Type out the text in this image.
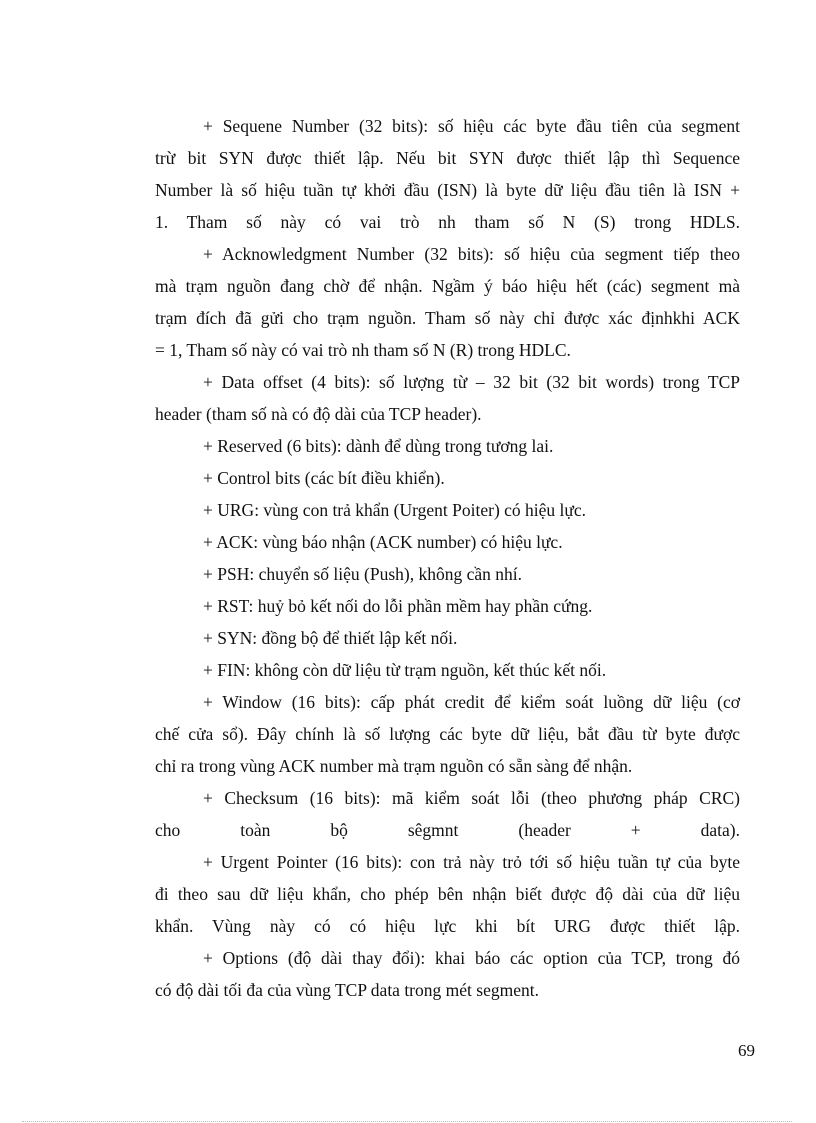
+ Sequene Number (32 bits): số hiệu các byte đầu tiên của segment
trừ bit SYN được thiết lập. Nếu bit SYN được thiết lập thì Sequence
Number là số hiệu tuần tự khởi đầu (ISN) là byte dữ liệu đầu tiên là ISN +
1. Tham số này có vai trò nh tham số N (S) trong HDLS.
+ Acknowledgment Number (32 bits): số hiệu của segment tiếp theo
mà trạm nguồn đang chờ để nhận. Ngầm ý báo hiệu hết (các) segment mà
trạm đích đã gửi cho trạm nguồn. Tham số này chỉ được xác địnhkhi ACK
= 1, Tham số này có vai trò nh tham số N (R) trong HDLC.
+ Data offset (4 bits): số lượng từ – 32 bit (32 bit words) trong TCP
header (tham số nà có độ dài của TCP header).
+ Reserved (6 bits): dành để dùng trong tương lai.
+ Control bits (các bít điều khiển).
+ URG: vùng con trả khẩn (Urgent Poiter) có hiệu lực.
+ ACK: vùng báo nhận (ACK number) có hiệu lực.
+ PSH: chuyển số liệu (Push), không cần nhí.
+ RST: huỷ bỏ kết nối do lỗi phần mềm hay phần cứng.
+ SYN: đồng bộ để thiết lập kết nối.
+ FIN: không còn dữ liệu từ trạm nguồn, kết thúc kết nối.
+ Window (16 bits): cấp phát credit để kiểm soát luồng dữ liệu (cơ
chế cửa sổ). Đây chính là số lượng các byte dữ liệu, bắt đầu từ byte được
chỉ ra trong vùng ACK number mà trạm nguồn có sẵn sàng để nhận.
+ Checksum (16 bits): mã kiểm soát lỗi (theo phương pháp CRC)
cho toàn bộ sêgmnt (header + data).
+ Urgent Pointer (16 bits): con trả này trỏ tới số hiệu tuần tự của byte
đi theo sau dữ liệu khẩn, cho phép bên nhận biết được độ dài của dữ liệu
khẩn. Vùng này có có hiệu lực khi bít URG được thiết lập.
+ Options (độ dài thay đổi): khai báo các option của TCP, trong đó
có độ dài tối đa của vùng TCP data trong mét segment.
69
